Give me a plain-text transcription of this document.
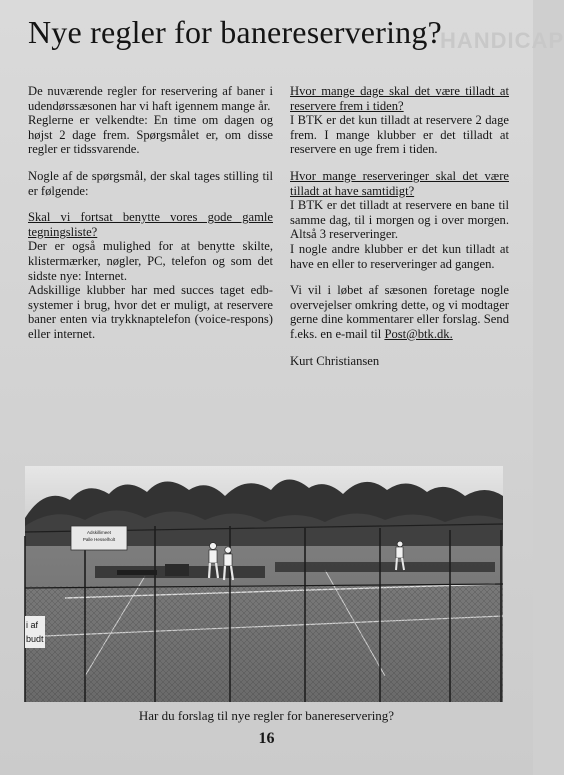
HANDICAP
Nye regler for banereservering?

De nuværende regler for reservering af baner i udendørssæsonen har vi haft igennem mange år.

Reglerne er velkendte: En time om dagen og højst 2 dage frem. Spørgsmålet er, om disse regler er tidssvarende.

Nogle af de spørgsmål, der skal tages stilling til er følgende:

Skal vi fortsat benytte vores gode gamle tegningsliste?

Der er også mulighed for at benytte skilte, klistermærker, nøgler, PC, telefon og som det sidste nye: Internet.

Adskillige klubber har med succes taget edb-systemer i brug, hvor det er muligt, at reservere baner enten via trykknaptelefon (voice-respons) eller internet.

Hvor mange dage skal det være tilladt at reservere frem i tiden?

I BTK er det kun tilladt at reservere 2 dage frem. I mange klubber er det tilladt at reservere en uge frem i tiden.

Hvor mange reserveringer skal det være tilladt at have samtidigt?

I BTK er det tilladt at reservere en bane til samme dag, til i morgen og i over morgen. Altså 3 reserveringer.

I nogle andre klubber er det kun tilladt at have en eller to reserveringer ad gangen.

Vi vil i løbet af sæsonen foretage nogle overvejelser omkring dette, og vi modtager gerne dine kommentarer eller forslag. Send f.eks. en e-mail til Post@btk.dk.

Kurt Christiansen

Adskillimeet
Palle Hesselholt
i af
budt
Har du forslag til nye regler for banereservering?
16
